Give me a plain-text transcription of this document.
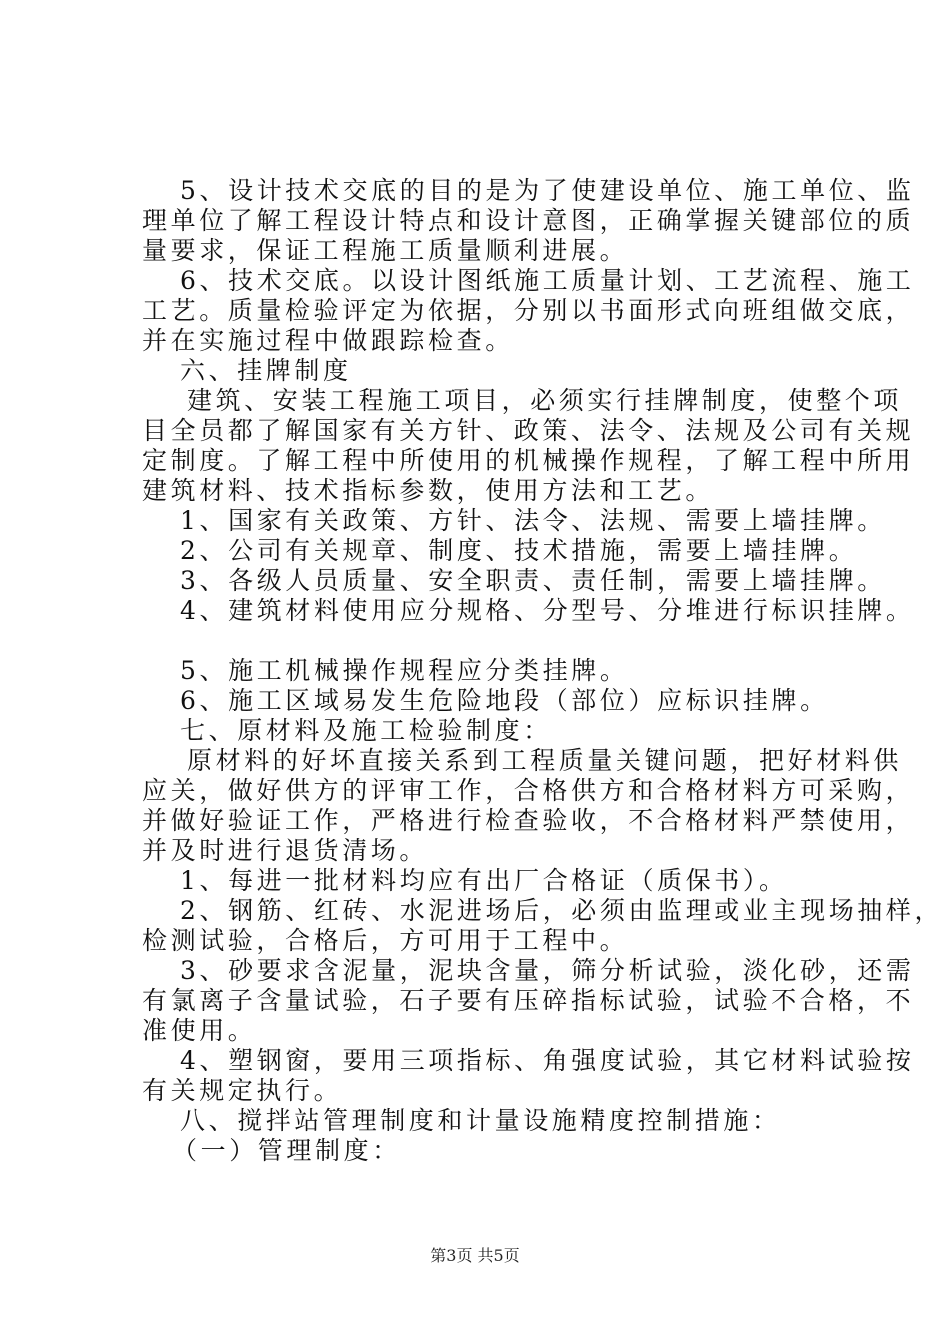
5、设计技术交底的目的是为了使建设单位、施工单位、监
理单位了解工程设计特点和设计意图，正确掌握关键部位的质
量要求，保证工程施工质量顺利进展。
6、技术交底。以设计图纸施工质量计划、工艺流程、施工
工艺。质量检验评定为依据，分别以书面形式向班组做交底，
并在实施过程中做跟踪检查。
六、挂牌制度
建筑、安装工程施工项目，必须实行挂牌制度，使整个项
目全员都了解国家有关方针、政策、法令、法规及公司有关规
定制度。了解工程中所使用的机械操作规程，了解工程中所用
建筑材料、技术指标参数，使用方法和工艺。
1、国家有关政策、方针、法令、法规、需要上墙挂牌。
2、公司有关规章、制度、技术措施，需要上墙挂牌。
3、各级人员质量、安全职责、责任制，需要上墙挂牌。
4、建筑材料使用应分规格、分型号、分堆进行标识挂牌。
5、施工机械操作规程应分类挂牌。
6、施工区域易发生危险地段（部位）应标识挂牌。
七、原材料及施工检验制度：
原材料的好坏直接关系到工程质量关键问题，把好材料供
应关，做好供方的评审工作，合格供方和合格材料方可采购，
并做好验证工作，严格进行检查验收，不合格材料严禁使用，
并及时进行退货清场。
1、每进一批材料均应有出厂合格证（质保书）。
2、钢筋、红砖、水泥进场后，必须由监理或业主现场抽样，
检测试验，合格后，方可用于工程中。
3、砂要求含泥量，泥块含量，筛分析试验，淡化砂，还需
有氯离子含量试验，石子要有压碎指标试验，试验不合格，不
准使用。
4、塑钢窗，要用三项指标、角强度试验，其它材料试验按
有关规定执行。
八、搅拌站管理制度和计量设施精度控制措施：
（一）管理制度：
第3页 共5页
